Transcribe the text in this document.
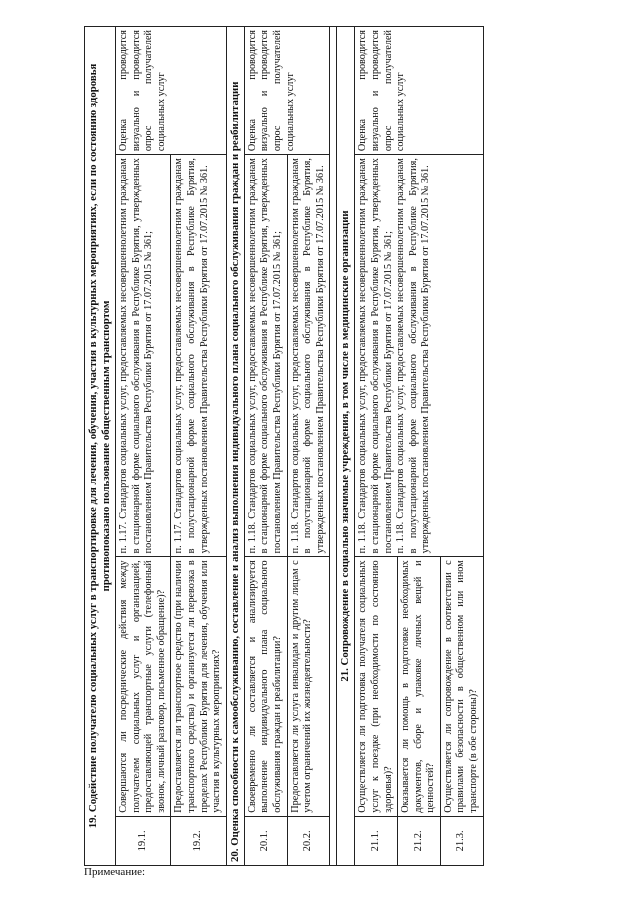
19. Содействие получателю социальных услуг в транспортировке для лечения, обучения, участия в культурных мероприятиях, если по состоянию здоровья противопоказано пользование общественным транспортом			
19.1.	Совершаются ли посреднические действия между получателем социальных услуг и организацией, предоставляющей транспортные услуги (телефонный звонок, личный разговор, письменное обращение)?	п. 1.17. Стандартов социальных услуг, предоставляемых несовершеннолетним гражданам в стационарной форме социального обслуживания в Республике Бурятия, утвержденных постановлением Правительства Республики Бурятия от 17.07.2015 № 361;	Оценка проводится визуально и проводится опрос получателей социальных услуг
19.2.	Предоставляется ли транспортное средство (при наличии транспортного средства) и организуется ли перевозка в пределах Республики Бурятия для лечения, обучения или участия в культурных мероприятиях?	п. 1.17. Стандартов социальных услуг, предоставляемых несовершеннолетним гражданам в полустационарной форме социального обслуживания в Республике Бурятия, утвержденных постановлением Правительства Республики Бурятия от 17.07.2015 № 361.	
20. Оценка способности к самообслуживанию, составление и анализ выполнения индивидуального плана социального обслуживания граждан и реабилитации			
20.1.	Своевременно ли составляется и анализируется выполнение индивидуального плана социального обслуживания граждан и реабилитации?	п. 1.18. Стандартов социальных услуг, предоставляемых несовершеннолетним гражданам в стационарной форме социального обслуживания в Республике Бурятия, утвержденных постановлением Правительства Республики Бурятия от 17.07.2015 № 361;	Оценка проводится визуально и проводится опрос получателей социальных услуг
20.2.	Предоставляется ли услуга инвалидам и другим лицам с учетом ограничений их жизнедеятельности?	п. 1.18. Стандартов социальных услуг, предоставляемых несовершеннолетним гражданам в полустационарной форме социального обслуживания в Республике Бурятия, утвержденных постановлением Правительства Республики Бурятия от 17.07.2015 № 361.	

21. Сопровождение в социально значимые учреждения, в том числе в медицинские организации			
21.1.	Осуществляется ли подготовка получателя социальных услуг к поездке (при необходимости по состоянию здоровья)?	п. 1.18. Стандартов социальных услуг, предоставляемых несовершеннолетним гражданам в стационарной форме социального обслуживания в Республике Бурятия, утвержденных постановлением Правительства Республики Бурятия от 17.07.2015 № 361; п. 1.18. Стандартов социальных услуг, предоставляемых несовершеннолетним гражданам в полустационарной форме социального обслуживания в Республике Бурятия, утвержденных постановлением Правительства Республики Бурятия от 17.07.2015 № 361.	Оценка проводится визуально и проводится опрос получателей социальных услуг
21.2.	Оказывается ли помощь в подготовке необходимых документов, сборе и упаковке личных вещей и ценностей?		
21.3.	Осуществляется ли сопровождение в соответствии с правилами безопасности в общественном или ином транспорте (в обе стороны)?		
Примечание:
